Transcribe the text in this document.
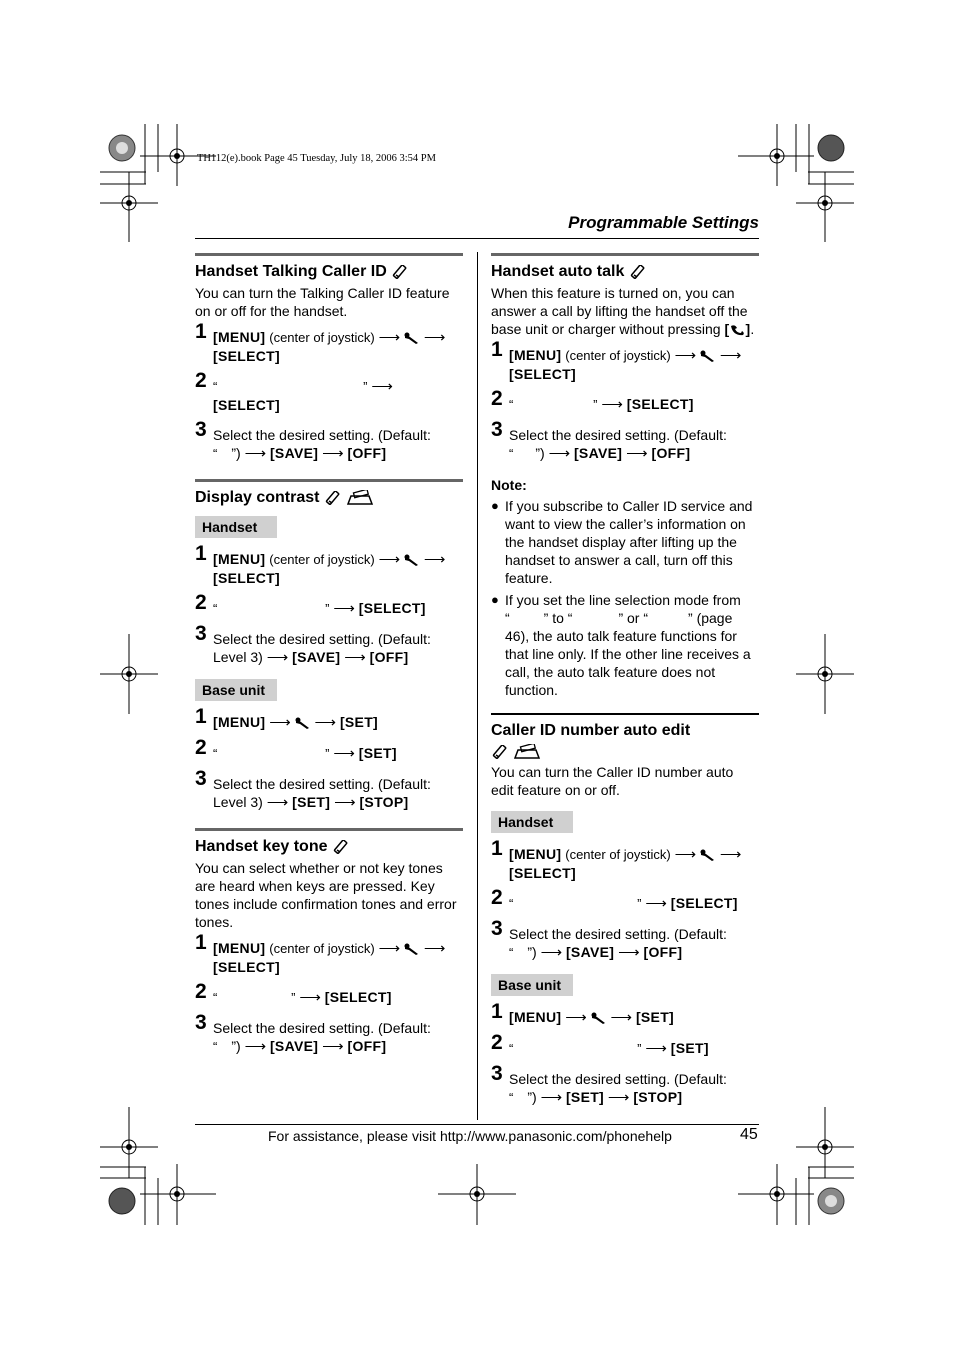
TH112(e).book Page 45 Tuesday, July 18, 2006 3:54 PM
Programmable Settings
Handset Talking Caller ID
You can turn the Talking Caller ID feature on or off for the handset.
1 [MENU] (center of joystick) ⟶ ⟶
[SELECT]
2 “	” ⟶ [SELECT]
3 Select the desired setting. (Default:
“ ”) ⟶ [SAVE] ⟶ [OFF]
Display contrast
Handset
1 [MENU] (center of joystick) ⟶ ⟶
[SELECT]
2 “	” ⟶ [SELECT]
3 Select the desired setting. (Default:
Level 3) ⟶ [SAVE] ⟶ [OFF]
Base unit
1 [MENU] ⟶ ⟶ [SET]
2 “	” ⟶ [SET]
3 Select the desired setting. (Default:
Level 3) ⟶ [SET] ⟶ [STOP]
Handset key tone
You can select whether or not key tones are heard when keys are pressed. Key tones include confirmation tones and error tones.
1 [MENU] (center of joystick) ⟶ ⟶
[SELECT]
2 “	” ⟶ [SELECT]
3 Select the desired setting. (Default:
“ ”) ⟶ [SAVE] ⟶ [OFF]
Handset auto talk
When this feature is turned on, you can answer a call by lifting the handset off the base unit or charger without pressing [ ].
1 [MENU] (center of joystick) ⟶ ⟶
[SELECT]
2 “	” ⟶ [SELECT]
3 Select the desired setting. (Default:
“ ”) ⟶ [SAVE] ⟶ [OFF]
Note:
● If you subscribe to Caller ID service and want to view the caller’s information on the handset display after lifting up the handset to answer a call, turn off this feature.
● If you set the line selection mode from
“ ” to “	” or “	” (page 46), the auto talk feature functions for that line only. If the other line receives a call, the auto talk feature does not function.
Caller ID number auto edit

You can turn the Caller ID number auto edit feature on or off.
Handset
1 [MENU] (center of joystick) ⟶ ⟶
[SELECT]
2 “	” ⟶ [SELECT]
3 Select the desired setting. (Default:
“ ”) ⟶ [SAVE] ⟶ [OFF]
Base unit
1 [MENU] ⟶ ⟶ [SET]
2 “	” ⟶ [SET]
3 Select the desired setting. (Default:
“ ”) ⟶ [SET] ⟶ [STOP]
For assistance, please visit http://www.panasonic.com/phonehelp	45
